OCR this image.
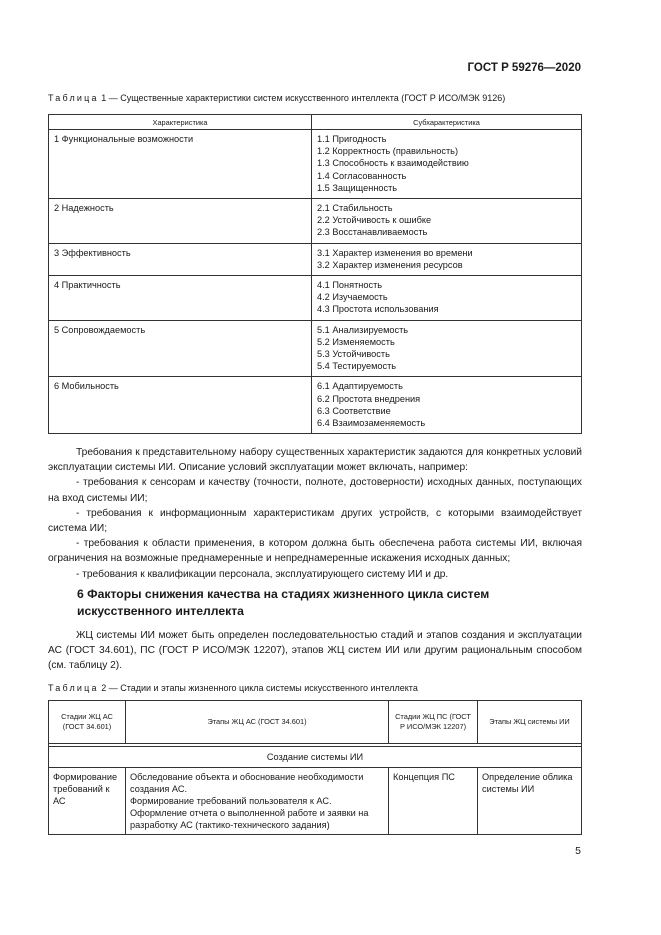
ГОСТ Р 59276—2020
Таблица 1 — Существенные характеристики систем искусственного интеллекта (ГОСТ Р ИСО/МЭК 9126)
Характеристика	Субхарактеристика
1 Функциональные возможности	1.1 Пригодность
1.2 Корректность (правильность)
1.3 Способность к взаимодействию
1.4 Согласованность
1.5 Защищенность

2 Надежность	2.1 Стабильность
2.2 Устойчивость к ошибке
2.3 Восстанавливаемость

3 Эффективность	3.1 Характер изменения во времени
3.2 Характер изменения ресурсов

4 Практичность	4.1 Понятность
4.2 Изучаемость
4.3 Простота использования

5 Сопровождаемость	5.1 Анализируемость
5.2 Изменяемость
5.3 Устойчивость
5.4 Тестируемость

6 Мобильность	6.1 Адаптируемость
6.2 Простота внедрения
6.3 Соответствие
6.4 Взаимозаменяемость

Требования к представительному набору существенных характеристик задаются для конкретных условий эксплуатации системы ИИ. Описание условий эксплуатации может включать, например:

- требования к сенсорам и качеству (точности, полноте, достоверности) исходных данных, поступающих на вход системы ИИ;

- требования к информационным характеристикам других устройств, с которыми взаимодействует система ИИ;

- требования к области применения, в котором должна быть обеспечена работа системы ИИ, включая ограничения на возможные преднамеренные и непреднамеренные искажения исходных данных;

- требования к квалификации персонала, эксплуатирующего систему ИИ и др.

6 Факторы снижения качества на стадиях жизненного цикла систем искусственного интеллекта

ЖЦ системы ИИ может быть определен последовательностью стадий и этапов создания и эксплуатации АС (ГОСТ 34.601), ПС (ГОСТ Р ИСО/МЭК 12207), этапов ЖЦ систем ИИ или другим рациональным способом (см. таблицу 2).

Таблица 2 — Стадии и этапы жизненного цикла системы искусственного интеллекта
Стадии ЖЦ АС (ГОСТ 34.601)	Этапы ЖЦ АС (ГОСТ 34.601)	Стадии ЖЦ ПС (ГОСТ Р ИСО/МЭК 12207)	Этапы ЖЦ системы ИИ

Создание системы ИИ			
Формирование требований к АС	Обследование объекта и обоснование необходимости создания АС.
Формирование требований пользователя к АС.
Оформление отчета о выполненной работе и заявки на разработку АС (тактико-технического задания)	Концепция ПС	Определение облика системы ИИ
5
